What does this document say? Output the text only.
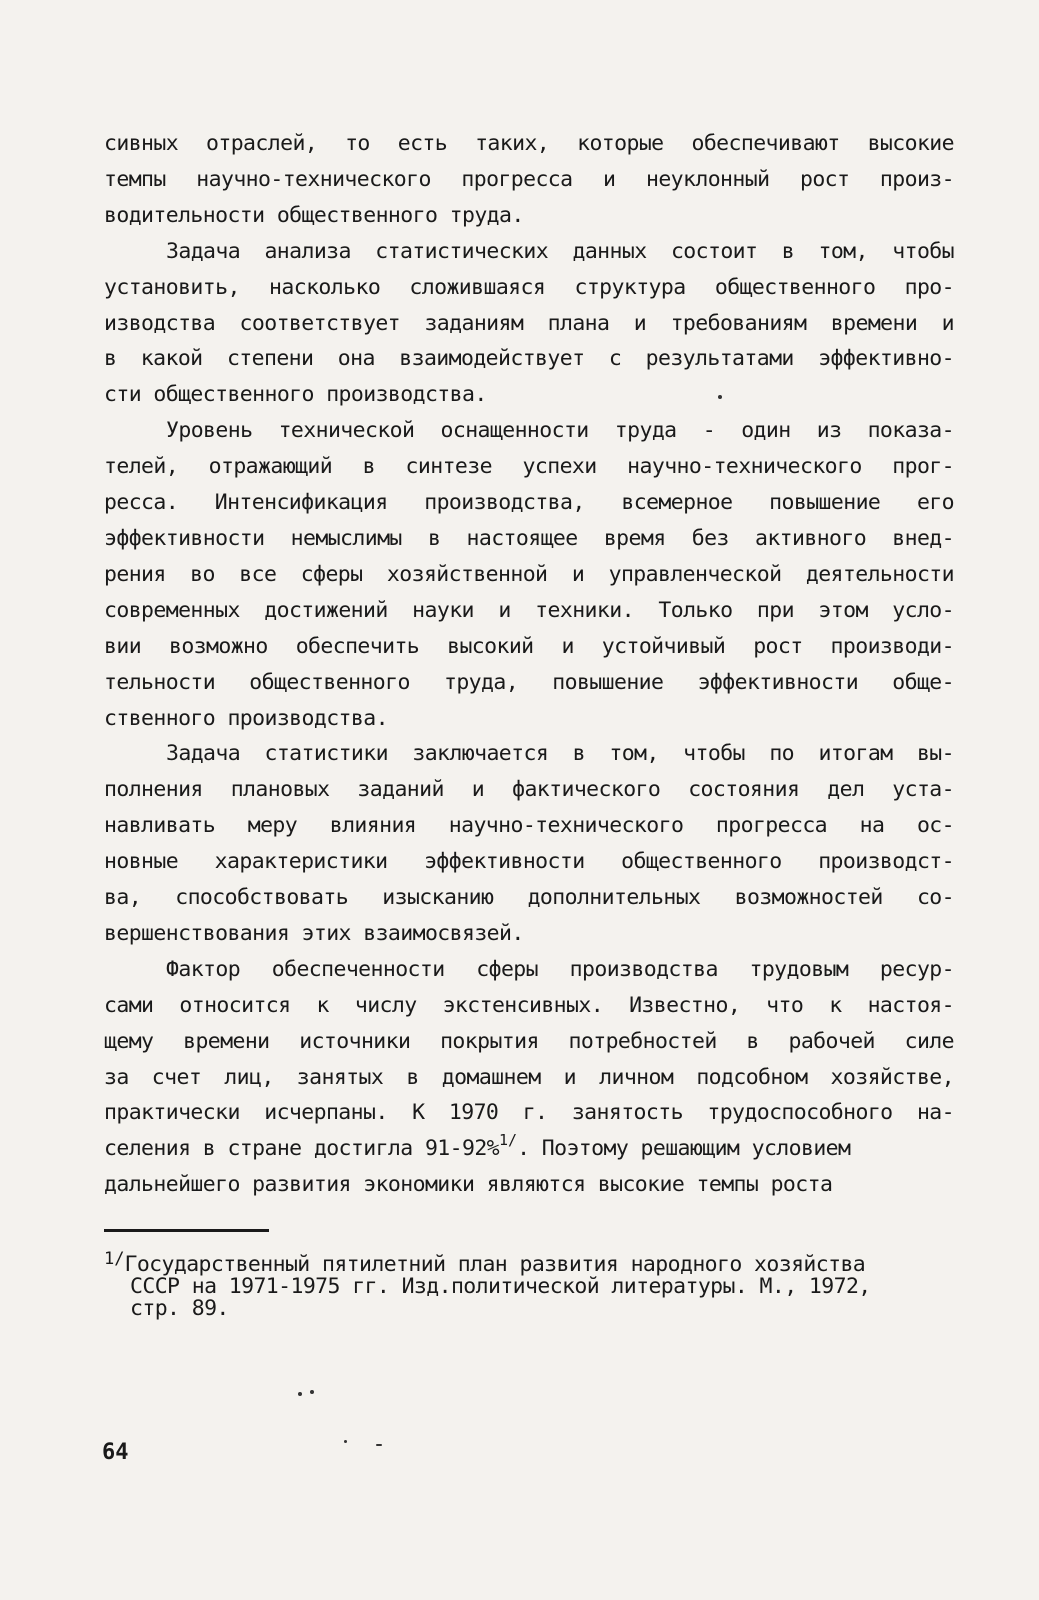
сивных отраслей, то есть таких, которые обеспечивают высокие
темпы научно-технического прогресса и неуклонный рост произ-
водительности общественного труда.
Задача анализа статистических данных состоит в том, чтобы
установить, насколько сложившаяся структура общественного про-
изводства соответствует заданиям плана и требованиям времени и
в какой степени она взаимодействует с результатами эффективно-
сти общественного производства.
Уровень технической оснащенности труда - один из показа-
телей, отражающий в синтезе успехи научно-технического прог-
ресса. Интенсификация производства, всемерное повышение его
эффективности немыслимы в настоящее время без активного внед-
рения во все сферы хозяйственной и управленческой деятельности
современных достижений науки и техники. Только при этом усло-
вии возможно обеспечить высокий и устойчивый рост производи-
тельности общественного труда, повышение эффективности обще-
ственного производства.
Задача статистики заключается в том, чтобы по итогам вы-
полнения плановых заданий и фактического состояния дел уста-
навливать меру влияния научно-технического прогресса на ос-
новные характеристики эффективности общественного производст-
ва, способствовать изысканию дополнительных возможностей со-
вершенствования этих взаимосвязей.
Фактор обеспеченности сферы производства трудовым ресур-
сами относится к числу экстенсивных. Известно, что к настоя-
щему времени источники покрытия потребностей в рабочей силе
за счет лиц, занятых в домашнем и личном подсобном хозяйстве,
практически исчерпаны. К 1970 г. занятость трудоспособного на-
селения в стране достигла 91-92%$^{1/}$. Поэтому решающим условием
дальнейшего развития экономики являются высокие темпы роста
$^{1/}$Государственный пятилетний план развития народного хозяйства
СССР на 1971-1975 гг. Изд.политической литературы. М., 1972,
стр. 89.
64
